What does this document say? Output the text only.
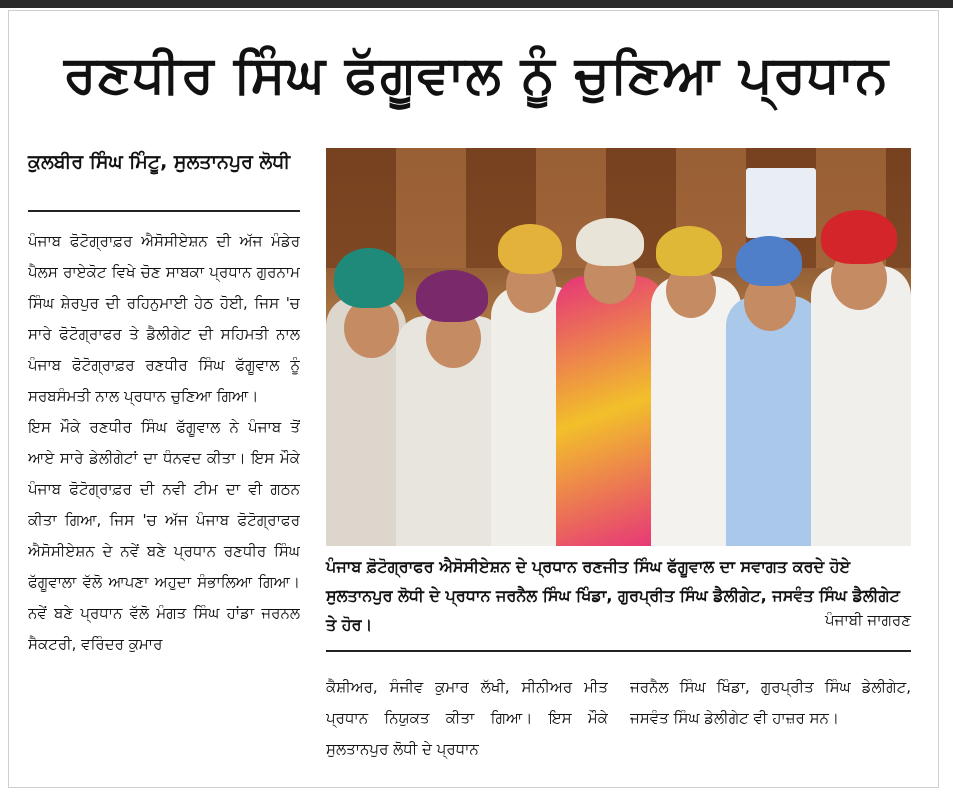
ਰਣਧੀਰ ਸਿੰਘ ਫੱਗੂਵਾਲ ਨੂੰ ਚੁਣਿਆ ਪ੍ਰਧਾਨ
ਕੁਲਬੀਰ ਸਿੰਘ ਮਿੰਟੂ, ਸੁਲਤਾਨਪੁਰ ਲੋਧੀ

ਪੰਜਾਬ ਫੋਟੋਗ੍ਰਾਫ਼ਰ ਐਸੋਸੀਏਸ਼ਨ ਦੀ ਅੱਜ ਮੰਡੇਰ ਪੈਲਸ ਰਾਏਕੋਟ ਵਿਖੇ ਚੋਣ ਸਾਬਕਾ ਪ੍ਰਧਾਨ ਗੁਰਨਾਮ ਸਿੰਘ ਸ਼ੇਰਪੁਰ ਦੀ ਰਹਿਨੁਮਾਈ ਹੇਠ ਹੋਈ, ਜਿਸ 'ਚ ਸਾਰੇ ਫੋਟੋਗ੍ਰਾਫਰ ਤੇ ਡੈਲੀਗੇਟ ਦੀ ਸਹਿਮਤੀ ਨਾਲ ਪੰਜਾਬ ਫੋਟੋਗ੍ਰਾਫ਼ਰ ਰਣਧੀਰ ਸਿੰਘ ਫੱਗੂਵਾਲ ਨੂੰ ਸਰਬਸੰਮਤੀ ਨਾਲ ਪ੍ਰਧਾਨ ਚੁਣਿਆ ਗਿਆ।

ਇਸ ਮੌਕੇ ਰਣਧੀਰ ਸਿੰਘ ਫੱਗੂਵਾਲ ਨੇ ਪੰਜਾਬ ਤੋਂ ਆਏ ਸਾਰੇ ਡੇਲੀਗੇਟਾਂ ਦਾ ਧੰਨਵਦ ਕੀਤਾ। ਇਸ ਮੌਕੇ ਪੰਜਾਬ ਫੋਟੋਗ੍ਰਾਫ਼ਰ ਦੀ ਨਵੀ ਟੀਮ ਦਾ ਵੀ ਗਠਨ ਕੀਤਾ ਗਿਆ, ਜਿਸ 'ਚ ਅੱਜ ਪੰਜਾਬ ਫੋਟੋਗ੍ਰਾਫਰ ਐਸੋਸੀਏਸ਼ਨ ਦੇ ਨਵੇਂ ਬਣੇ ਪ੍ਰਧਾਨ ਰਣਧੀਰ ਸਿੰਘ ਫੱਗੂਵਾਲਾ ਵੱਲੋ ਆਪਣਾ ਅਹੁਦਾ ਸੰਭਾਲਿਆ ਗਿਆ। ਨਵੇਂ ਬਣੇ ਪ੍ਰਧਾਨ ਵੱਲੋ ਮੰਗਤ ਸਿੰਘ ਹਾਂਡਾ ਜਰਨਲ ਸੈਕਟਰੀ, ਵਰਿੰਦਰ ਕੁਮਾਰ

ਪੰਜਾਬ ਫ਼ੋਟੋਗ੍ਰਾਫਰ ਐਸੋਸੀਏਸ਼ਨ ਦੇ ਪ੍ਰਧਾਨ ਰਣਜੀਤ ਸਿੰਘ ਫੱਗੂਵਾਲ ਦਾ ਸਵਾਗਤ ਕਰਦੇ ਹੋਏ ਸੁਲਤਾਨਪੁਰ ਲੋਧੀ ਦੇ ਪ੍ਰਧਾਨ ਜਰਨੈਲ ਸਿੰਘ ਖਿੰਡਾ, ਗੁਰਪ੍ਰੀਤ ਸਿੰਘ ਡੈਲੀਗੇਟ, ਜਸਵੰਤ ਸਿੰਘ ਡੈਲੀਗੇਟ ਤੇ ਹੋਰ।	ਪੰਜਾਬੀ ਜਾਗਰਣ

ਕੈਸ਼ੀਅਰ, ਸੰਜੀਵ ਕੁਮਾਰ ਲੱਖੀ, ਸੀਨੀਅਰ ਮੀਤ ਪ੍ਰਧਾਨ ਨਿਯੁਕਤ ਕੀਤਾ ਗਿਆ। ਇਸ ਮੌਕੇ ਸੁਲਤਾਨਪੁਰ ਲੋਧੀ ਦੇ ਪ੍ਰਧਾਨ

ਜਰਨੈਲ ਸਿੰਘ ਖਿੰਡਾ, ਗੁਰਪ੍ਰੀਤ ਸਿੰਘ ਡੇਲੀਗੇਟ, ਜਸਵੰਤ ਸਿੰਘ ਡੇਲੀਗੇਟ ਵੀ ਹਾਜ਼ਰ ਸਨ।
